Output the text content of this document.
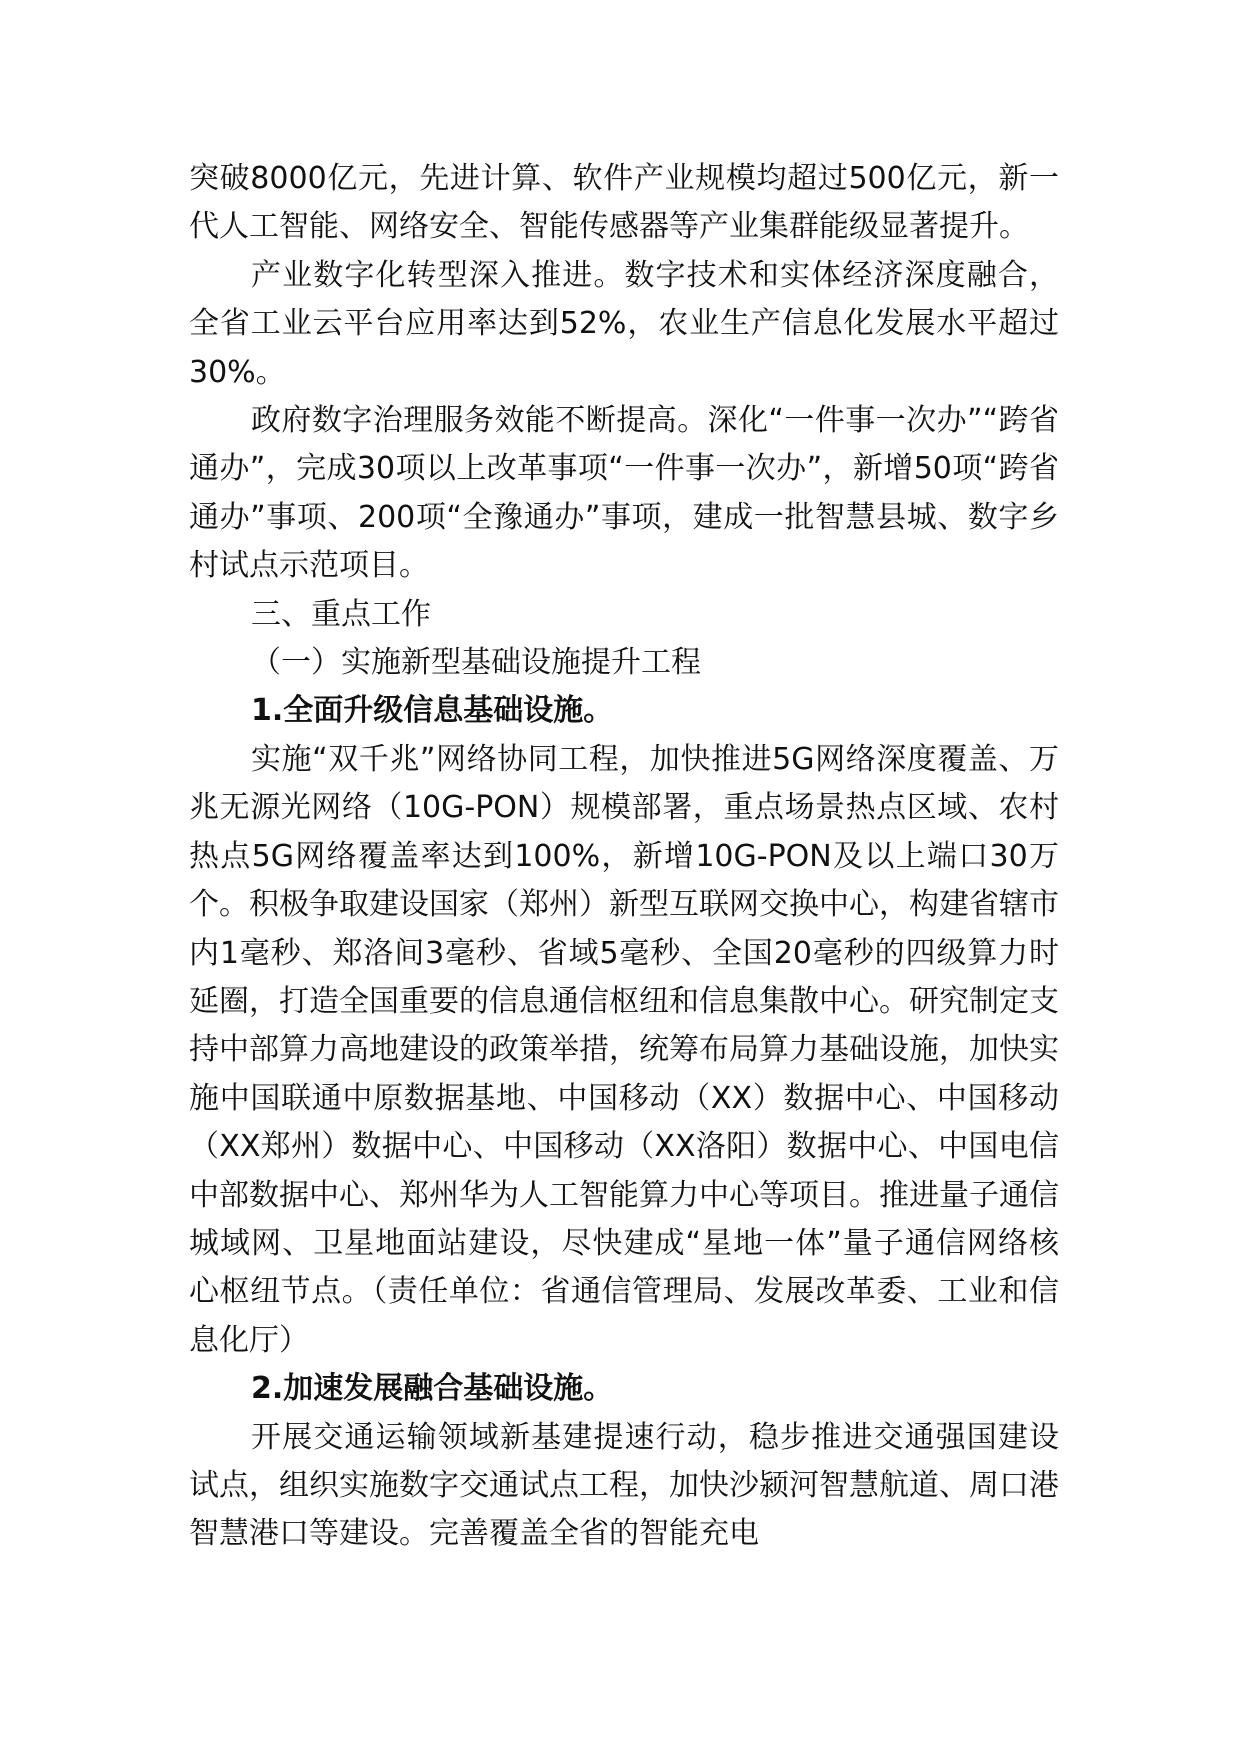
突破8000亿元，先进计算、软件产业规模均超过500亿元，新一代人工智能、网络安全、智能传感器等产业集群能级显著提升。

产业数字化转型深入推进。数字技术和实体经济深度融合，全省工业云平台应用率达到52%，农业生产信息化发展水平超过30%。

政府数字治理服务效能不断提高。深化“一件事一次办”“跨省通办”，完成30项以上改革事项“一件事一次办”，新增50项“跨省通办”事项、200项“全豫通办”事项，建成一批智慧县城、数字乡村试点示范项目。

三、重点工作

（一）实施新型基础设施提升工程

1.全面升级信息基础设施。

实施“双千兆”网络协同工程，加快推进5G网络深度覆盖、万兆无源光网络（10G-PON）规模部署，重点场景热点区域、农村热点5G网络覆盖率达到100%，新增10G-PON及以上端口30万个。积极争取建设国家（郑州）新型互联网交换中心，构建省辖市内1毫秒、郑洛间3毫秒、省域5毫秒、全国20毫秒的四级算力时延圈，打造全国重要的信息通信枢纽和信息集散中心。研究制定支持中部算力高地建设的政策举措，统筹布局算力基础设施，加快实施中国联通中原数据基地、中国移动（XX）数据中心、中国移动（XX郑州）数据中心、中国移动（XX洛阳）数据中心、中国电信中部数据中心、郑州华为人工智能算力中心等项目。推进量子通信城域网、卫星地面站建设，尽快建成“星地一体”量子通信网络核心枢纽节点。（责任单位：省通信管理局、发展改革委、工业和信息化厅）

2.加速发展融合基础设施。

开展交通运输领域新基建提速行动，稳步推进交通强国建设试点，组织实施数字交通试点工程，加快沙颍河智慧航道、周口港智慧港口等建设。完善覆盖全省的智能充电
